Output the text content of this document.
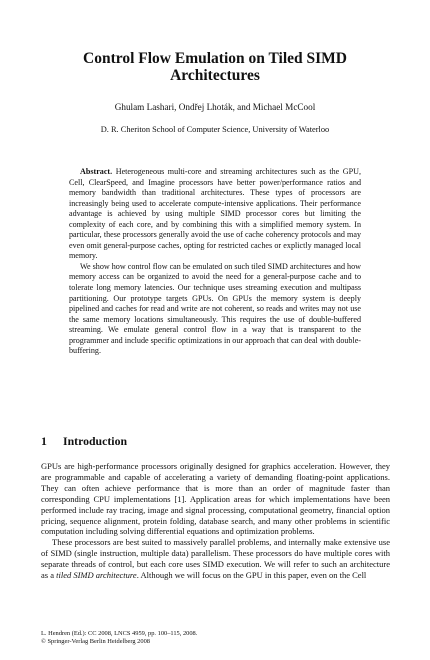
Control Flow Emulation on Tiled SIMD
Architectures

Ghulam Lashari, Ondřej Lhoták, and Michael McCool

D. R. Cheriton School of Computer Science, University of Waterloo

Abstract. Heterogeneous multi-core and streaming architectures such as the GPU, Cell, ClearSpeed, and Imagine processors have better power/performance ratios and memory bandwidth than traditional architectures. These types of processors are increasingly being used to accelerate compute-intensive applications. Their performance advantage is achieved by using multiple SIMD processor cores but limiting the complexity of each core, and by combining this with a simplified memory system. In particular, these processors generally avoid the use of cache coherency protocols and may even omit general-purpose caches, opting for restricted caches or explictly managed local memory.

We show how control flow can be emulated on such tiled SIMD architectures and how memory access can be organized to avoid the need for a general-purpose cache and to tolerate long memory latencies. Our technique uses streaming execution and multipass partitioning. Our prototype targets GPUs. On GPUs the memory system is deeply pipelined and caches for read and write are not coherent, so reads and writes may not use the same memory locations simultaneously. This requires the use of double-buffered streaming. We emulate general control flow in a way that is transparent to the programmer and include specific optimizations in our approach that can deal with double-buffering.

1 Introduction

GPUs are high-performance processors originally designed for graphics acceleration. However, they are programmable and capable of accelerating a variety of demanding floating-point applications. They can often achieve performance that is more than an order of magnitude faster than corresponding CPU implementations [1]. Application areas for which implementations have been performed include ray tracing, image and signal processing, computational geometry, financial option pricing, sequence alignment, protein folding, database search, and many other problems in scientific computation including solving differential equations and optimization problems.

These processors are best suited to massively parallel problems, and internally make extensive use of SIMD (single instruction, multiple data) parallelism. These processors do have multiple cores with separate threads of control, but each core uses SIMD execution. We will refer to such an architecture as a tiled SIMD architecture. Although we will focus on the GPU in this paper, even on the Cell

L. Hendren (Ed.): CC 2008, LNCS 4959, pp. 100–115, 2008.
© Springer-Verlag Berlin Heidelberg 2008
